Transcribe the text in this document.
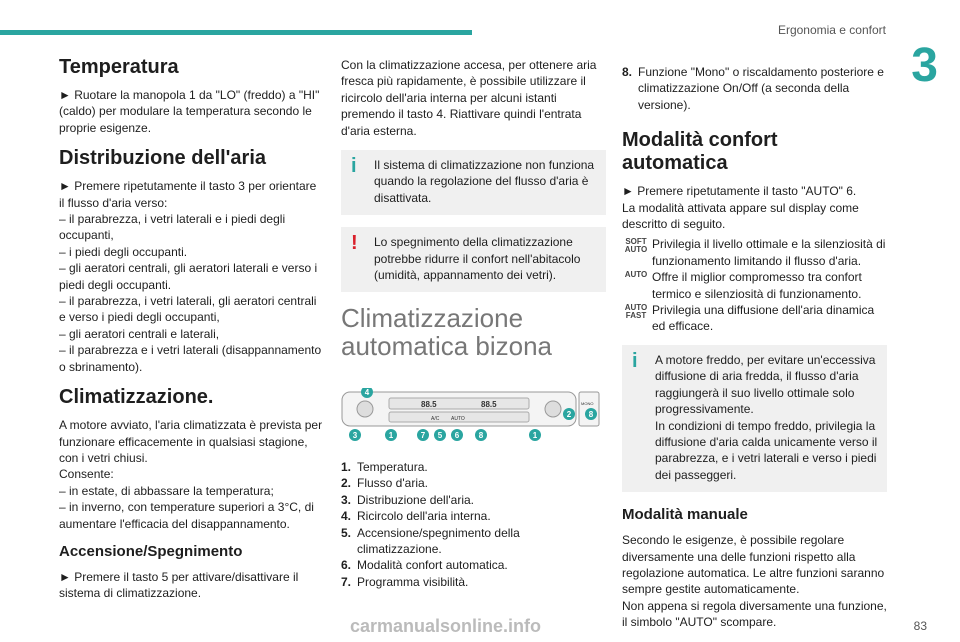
Ergonomia e confort
3
Temperatura

► Ruotare la manopola 1 da "LO" (freddo) a "HI" (caldo) per modulare la temperatura secondo le proprie esigenze.

Distribuzione dell'aria

► Premere ripetutamente il tasto 3 per orientare il flusso d'aria verso:
– il parabrezza, i vetri laterali e i piedi degli occupanti,
– i piedi degli occupanti.
– gli aeratori centrali, gli aeratori laterali e verso i piedi degli occupanti.
– il parabrezza, i vetri laterali, gli aeratori centrali e verso i piedi degli occupanti,
– gli aeratori centrali e laterali,
– il parabrezza e i vetri laterali (disappannamento o sbrinamento).

Climatizzazione.

A motore avviato, l'aria climatizzata è prevista per funzionare efficacemente in qualsiasi stagione, con i vetri chiusi.
Consente:
– in estate, di abbassare la temperatura;
– in inverno, con temperature superiori a 3°C, di aumentare l'efficacia del disappannamento.

Accensione/Spegnimento

► Premere il tasto 5 per attivare/disattivare il sistema di climatizzazione.

Con la climatizzazione accesa, per ottenere aria fresca più rapidamente, è possibile utilizzare il ricircolo dell'aria interna per alcuni istanti premendo il tasto 4. Riattivare quindi l'entrata d'aria esterna.

i	Il sistema di climatizzazione non funziona quando la regolazione del flusso d'aria è disattivata.
!	Lo spegnimento della climatizzazione potrebbe ridurre il confort nell'abitacolo (umidità, appannamento dei vetri).
Climatizzazione automatica bizona
88.5	88.5
A/C AUTO
MONO
4
3	1	7 5 6 8	1
2 8
1. Temperatura.
2. Flusso d'aria.
3. Distribuzione dell'aria.
4. Ricircolo dell'aria interna.
5. Accensione/spegnimento della climatizzazione.
6. Modalità confort automatica.
7. Programma visibilità.
8. Funzione "Mono" o riscaldamento posteriore e climatizzazione On/Off (a seconda della versione).
Modalità confort automatica

► Premere ripetutamente il tasto "AUTO" 6.
La modalità attivata appare sul display come descritto di seguito.

SOFT AUTO Privilegia il livello ottimale e la silenziosità di funzionamento limitando il flusso d'aria.
AUTO Offre il miglior compromesso tra confort termico e silenziosità di funzionamento.
AUTO FAST Privilegia una diffusione dell'aria dinamica ed efficace.
i	A motore freddo, per evitare un'eccessiva diffusione di aria fredda, il flusso d'aria raggiungerà il suo livello ottimale solo progressivamente.
In condizioni di tempo freddo, privilegia la diffusione d'aria calda unicamente verso il parabrezza, e i vetri laterali e verso i piedi dei passeggeri.
Modalità manuale

Secondo le esigenze, è possibile regolare diversamente una delle funzioni rispetto alla regolazione automatica. Le altre funzioni saranno sempre gestite automaticamente.
Non appena si regola diversamente una funzione, il simbolo "AUTO" scompare.

carmanualsonline.info	83
